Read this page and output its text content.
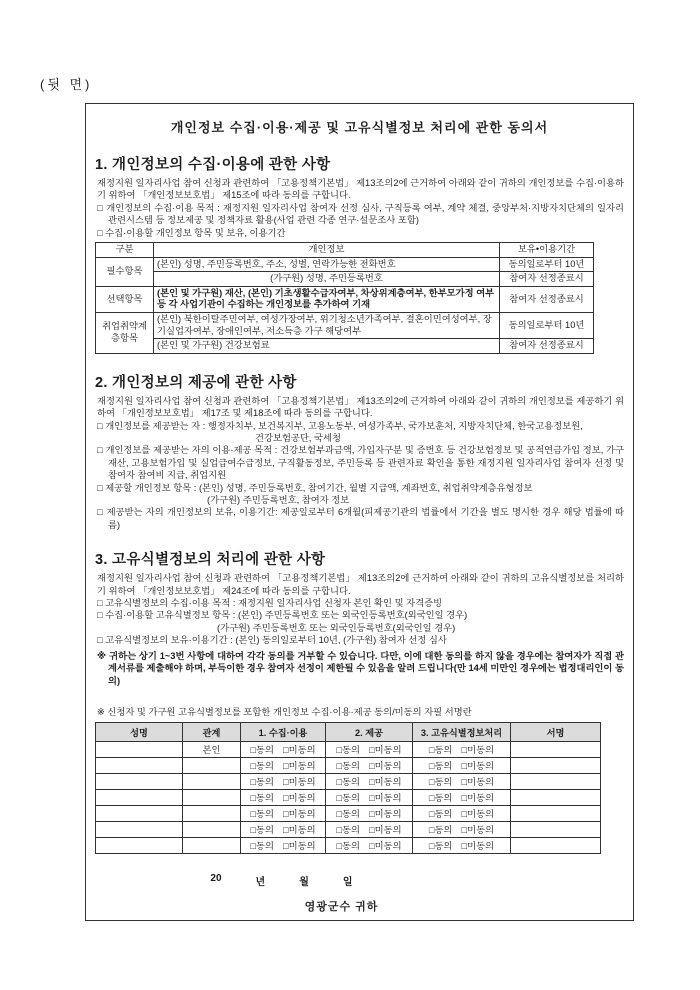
(뒷 면)
개인정보 수집·이용·제공 및 고유식별정보 처리에 관한 동의서
1. 개인정보의 수집·이용에 관한 사항
재정지원 일자리사업 참여 신청과 관련하여 「고용정책기본법」 제13조의2에 근거하여 아래와 같이 귀하의 개인정보를 수집·이용하기 위하여 「개인정보보호법」 제15조에 따라 동의를 구합니다.
□ 개인정보의 수집·이용 목적 : 재정지원 일자리사업 참여자 선정 심사, 구직등록 여부, 계약 체결, 중앙부처·지방자치단체의 일자리관련시스템 등 정보제공 및 정책자료 활용(사업 관련 각종 연구·설문조사 포함)
□ 수집·이용할 개인정보 항목 및 보유, 이용기간
구분	개인정보	보유•이용기간
필수항목	(본인) 성명, 주민등록번호, 주소, 성별, 연락가능한 전화번호	동의일로부터 10년
	(가구원) 성명, 주민등록번호	참여자 선정종료시
선택항목	(본인 및 가구원) 재산, (본인) 기초생활수급자여부, 차상위계층여부, 한부모가정 여부 등 각 사업기관이 수집하는 개인정보를 추가하여 기재	참여자 선정종료시
취업취약계층항목	(본인) 북한이탈주민여부, 여성가장여부, 위기청소년가족여부, 결혼이민여성여부, 장기실업자여부, 장애인여부, 저소득층 가구 해당여부	동의일로부터 10년
	(본인 및 가구원) 건강보험료	참여자 선정종료시
2. 개인정보의 제공에 관한 사항
재정지원 일자리사업 참여 신청과 관련하여 「고용정책기본법」 제13조의2에 근거하여 아래와 같이 귀하의 개인정보를 제공하기 위하여 「개인정보보호법」 제17조 및 제18조에 따라 동의를 구합니다.
□ 개인정보를 제공받는 자 : 행정자치부, 보건복지부, 고용노동부, 여성가족부, 국가보훈처, 지방자치단체, 한국고용정보원,
건강보험공단, 국세청
□ 개인정보를 제공받는 자의 이용·제공 목적 : 건강보험부과금액, 가입자구분 및 증번호 등 건강보험정보 및 공적연금가입 정보, 가구재산, 고용보험가입 및 실업급여수급정보, 구직활동정보, 주민등록 등 관련자료 확인을 통한 재정지원 일자리사업 참여자 선정 및 참여자 참여비 지급, 취업지원
□ 제공할 개인정보 항목 : (본인) 성명, 주민등록번호, 참여기간, 월별 지급액, 계좌번호, 취업취약계층유형정보
(가구원) 주민등록번호, 참여자 정보
□ 제공받는 자의 개인정보의 보유, 이용기간: 제공일로부터 6개월(피제공기관의 법률에서 기간을 별도 명시한 경우 해당 법률에 따름)
3. 고유식별정보의 처리에 관한 사항
재정지원 일자리사업 참여 신청과 관련하여 「고용정책기본법」 제13조의2에 근거하여 아래와 같이 귀하의 고유식별정보를 처리하기 위하여 「개인정보보호법」 제24조에 따라 동의를 구합니다.
□ 고유식별정보의 수집·이용 목적 : 재정지원 일자리사업 신청자 본인 확인 및 자격증빙
□ 수집·이용할 고유식별정보 항목 : (본인) 주민등록번호 또는 외국인등록번호(외국인일 경우)
(가구원) 주민등록번호 또는 외국인등록번호(외국인일 경우)
□ 고유식별정보의 보유·이용기간 : (본인) 동의일로부터 10년, (가구원) 참여자 선정 심사
※ 귀하는 상기 1~3번 사항에 대하여 각각 동의를 거부할 수 있습니다. 다만, 이에 대한 동의를 하지 않을 경우에는 참여자가 직접 관계서류를 제출해야 하며, 부득이한 경우 참여자 선정이 제한될 수 있음을 알려 드립니다(만 14세 미만인 경우에는 법정대리인이 동의)
※ 신청자 및 가구원 고유식별정보를 포함한 개인정보 수집·이용·제공 동의/미동의 자필 서명란
성명	관계	1. 수집·이용	2. 제공	3. 고유식별정보처리	서명
	본인	□동의 □미동의	□동의 □미동의	□동의 □미동의	
		□동의 □미동의	□동의 □미동의	□동의 □미동의	
		□동의 □미동의	□동의 □미동의	□동의 □미동의	
		□동의 □미동의	□동의 □미동의	□동의 □미동의	
		□동의 □미동의	□동의 □미동의	□동의 □미동의	
		□동의 □미동의	□동의 □미동의	□동의 □미동의	
		□동의 □미동의	□동의 □미동의	□동의 □미동의	
20	년	월	일
영광군수 귀하
